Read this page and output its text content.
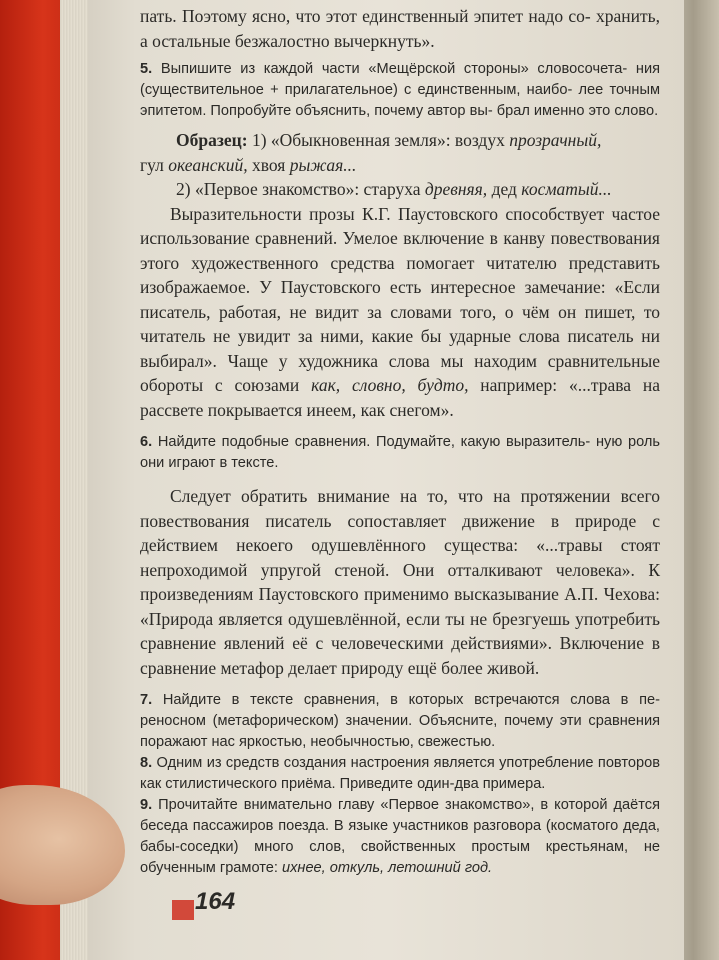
пать. Поэтому ясно, что этот единственный эпитет надо со- хранить, а остальные безжалостно вычеркнуть».

5. Выпишите из каждой части «Мещёрской стороны» словосочета- ния (существительное + прилагательное) с единственным, наибо- лее точным эпитетом. Попробуйте объяснить, почему автор вы- брал именно это слово.

Образец: 1) «Обыкновенная земля»: воздух прозрачный,
гул океанский, хвоя рыжая...
2) «Первое знакомство»: старуха древняя, дед косматый...

Выразительности прозы К.Г. Паустовского способствует частое использование сравнений. Умелое включение в канву повествования этого художественного средства помогает читателю представить изображаемое. У Паустовского есть интересное замечание: «Если писатель, работая, не видит за словами того, о чём он пишет, то читатель не увидит за ними, какие бы ударные слова писатель ни выбирал». Чаще у художника слова мы находим сравнительные обороты с союзами как, словно, будто, например: «...трава на рассвете покрывается инеем, как снегом».

6. Найдите подобные сравнения. Подумайте, какую выразитель- ную роль они играют в тексте.

Следует обратить внимание на то, что на протяжении всего повествования писатель сопоставляет движение в природе с действием некоего одушевлённого существа: «...травы стоят непроходимой упругой стеной. Они отталкивают человека». К произведениям Паустовского применимо высказывание А.П. Чехова: «Природа является одушевлённой, если ты не брезгуешь употребить сравнение явлений её с человеческими действиями». Включение в сравнение метафор делает природу ещё более живой.

7. Найдите в тексте сравнения, в которых встречаются слова в пе- реносном (метафорическом) значении. Объясните, почему эти сравнения поражают нас яркостью, необычностью, свежестью.

8. Одним из средств создания настроения является употребление повторов как стилистического приёма. Приведите один-два примера.

9. Прочитайте внимательно главу «Первое знакомство», в которой даётся беседа пассажиров поезда. В языке участников разговора (косматого деда, бабы-соседки) много слов, свойственных простым крестьянам, не обученным грамоте: ихнее, откуль, летошний год.

164
